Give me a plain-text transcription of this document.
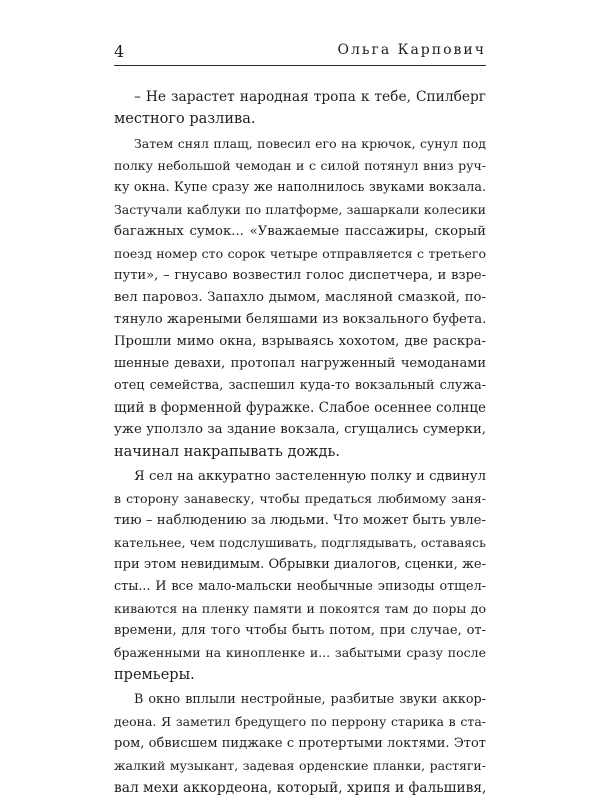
4	Ольга Карпович
– Не зарастет народная тропа к тебе, Спилберг
местного разлива.
Затем снял плащ, повесил его на крючок, сунул под
полку небольшой чемодан и с силой потянул вниз руч-
ку окна. Купе сразу же наполнилось звуками вокзала.
Застучали каблуки по платформе, зашаркали колесики
багажных сумок... «Уважаемые пассажиры, скорый
поезд номер сто сорок четыре отправляется с третьего
пути», – гнусаво возвестил голос диспетчера, и взре-
вел паровоз. Запахло дымом, масляной смазкой, по-
тянуло жареными беляшами из вокзального буфета.
Прошли мимо окна, взрываясь хохотом, две раскра-
шенные девахи, протопал нагруженный чемоданами
отец семейства, заспешил куда-то вокзальный служа-
щий в форменной фуражке. Слабое осеннее солнце
уже уползло за здание вокзала, сгущались сумерки,
начинал накрапывать дождь.
Я сел на аккуратно застеленную полку и сдвинул
в сторону занавеску, чтобы предаться любимому заня-
тию – наблюдению за людьми. Что может быть увле-
кательнее, чем подслушивать, подглядывать, оставаясь
при этом невидимым. Обрывки диалогов, сценки, же-
сты... И все мало-мальски необычные эпизоды отщел-
киваются на пленку памяти и покоятся там до поры до
времени, для того чтобы быть потом, при случае, от-
браженными на кинопленке и... забытыми сразу после
премьеры.
В окно вплыли нестройные, разбитые звуки аккор-
деона. Я заметил бредущего по перрону старика в ста-
ром, обвисшем пиджаке с протертыми локтями. Этот
жалкий музыкант, задевая орденские планки, растяги-
вал мехи аккордеона, который, хрипя и фальшивя,
